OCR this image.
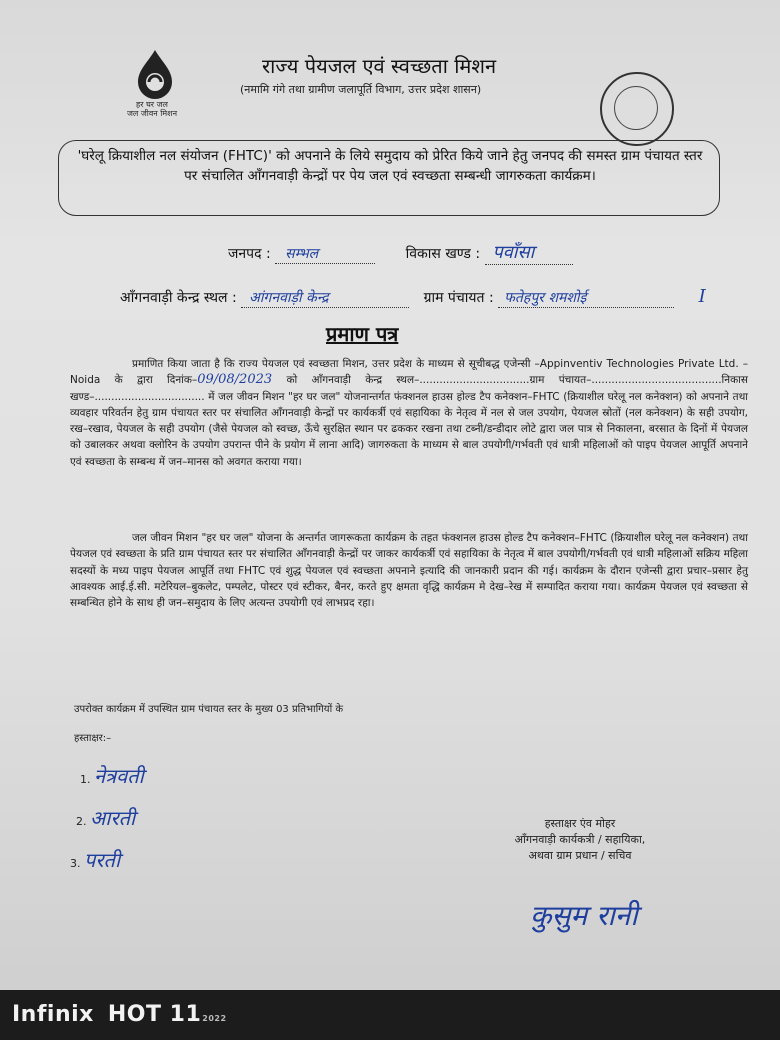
हर घर जल
जल जीवन मिशन
राज्य पेयजल एवं स्वच्छता मिशन
(नमामि गंगे तथा ग्रामीण जलापूर्ति विभाग, उत्तर प्रदेश शासन)
'घरेलू क्रियाशील नल संयोजन (FHTC)' को अपनाने के लिये समुदाय को प्रेरित किये जाने हेतु जनपद की समस्त ग्राम पंचायत स्तर पर संचालित ऑंगनवाड़ी केन्द्रों पर पेय जल एवं स्वच्छता सम्बन्धी जागरुकता कार्यक्रम।
जनपद : सम्भल	विकास खण्ड : पवाँसा
ऑंगनवाड़ी केन्द्र स्थल : आंगनवाड़ी केन्द्र	ग्राम पंचायत : फतेहपुर शमशोई	I
प्रमाण पत्र
प्रमाणित किया जाता है कि राज्य पेयजल एवं स्वच्छता मिशन, उत्तर प्रदेश के माध्यम से सूचीबद्ध एजेन्सी –Appinventiv Technologies Private Ltd. – Noida के द्वारा दिनांक–09/08/2023 को ऑंगनवाड़ी केन्द्र स्थल–.................................ग्राम पंचायत–.......................................निकास खण्ड–................................. में जल जीवन मिशन "हर घर जल" योजनान्तर्गत फंक्शनल हाउस होल्ड टैप कनेक्शन–FHTC (क्रियाशील घरेलू नल कनेक्शन) को अपनाने तथा व्यवहार परिवर्तन हेतु ग्राम पंचायत स्तर पर संचालित ऑंगनवाड़ी केन्द्रों पर कार्यकर्त्री एवं सहायिका के नेतृत्व में नल से जल उपयोग, पेयजल स्रोतों (नल कनेक्शन) के सही उपयोग, रख–रखाव, पेयजल के सही उपयोग (जैसे पेयजल को स्वच्छ, ऊँचे सुरक्षित स्थान पर ढककर रखना तथा टब्नी/डन्डीदार लोटे द्वारा जल पात्र से निकालना, बरसात के दिनों में पेयजल को उबालकर अथवा क्लोरिन के उपयोग उपरान्त पीने के प्रयोग में लाना आदि) जागरुकता के माध्यम से बाल उपयोगी/गर्भवती एवं धात्री महिलाओं को पाइप पेयजल आपूर्ति अपनाने एवं स्वच्छता के सम्बन्ध में जन–मानस को अवगत कराया गया।
जल जीवन मिशन "हर घर जल" योजना के अन्तर्गत जागरूकता कार्यक्रम के तहत फंक्शनल हाउस होल्ड टैप कनेक्शन–FHTC (क्रियाशील घरेलू नल कनेक्शन) तथा पेयजल एवं स्वच्छता के प्रति ग्राम पंचायत स्तर पर संचालित ऑंगनवाड़ी केन्द्रों पर जाकर कार्यकर्त्री एवं सहायिका के नेतृत्व में बाल उपयोगी/गर्भवती एवं धात्री महिलाओं सक्रिय महिला सदस्यों के मध्य पाइप पेयजल आपूर्ति तथा FHTC एवं शुद्ध पेयजल एवं स्वच्छता अपनाने इत्यादि की जानकारी प्रदान की गई। कार्यक्रम के दौरान एजेन्सी द्वारा प्रचार–प्रसार हेतु आवश्यक आई.ई.सी. मटेरियल–बुकलेट, पम्पलेट, पोस्टर एवं स्टीकर, बैनर, करते हुए क्षमता वृद्धि कार्यक्रम मे देख–रेख में सम्पादित कराया गया। कार्यक्रम पेयजल एवं स्वच्छता से सम्बन्धित होने के साथ ही जन–समुदाय के लिए अत्यन्त उपयोगी एवं लाभप्रद रहा।
उपरोक्त कार्यक्रम में उपस्थित ग्राम पंचायत स्तर के मुख्य 03 प्रतिभागियों के
हस्ताक्षर:–
1. नेत्रवती
2. आरती
3. परती
हस्ताक्षर एंव मोहर
ऑंगनवाड़ी कार्यकत्री / सहायिका,
अथवा ग्राम प्रधान / सचिव
कुसुम रानी
Infinix HOT 112022
